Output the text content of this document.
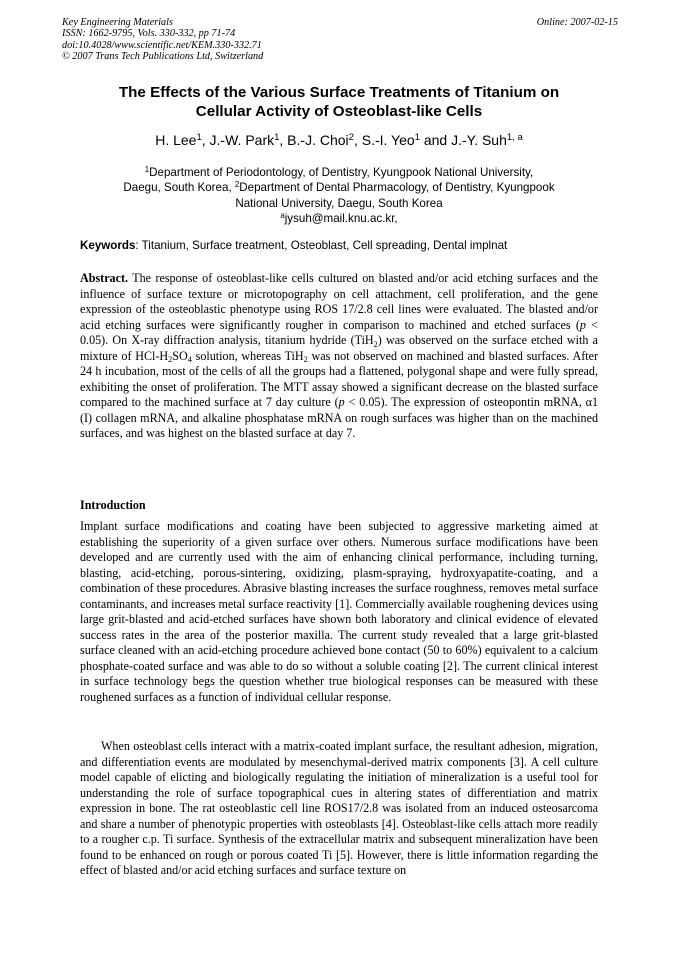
Key Engineering Materials
ISSN: 1662-9795, Vols. 330-332, pp 71-74
doi:10.4028/www.scientific.net/KEM.330-332.71
© 2007 Trans Tech Publications Ltd, Switzerland
Online: 2007-02-15
The Effects of the Various Surface Treatments of Titanium on
Cellular Activity of Osteoblast-like Cells
H. Lee$^1$, J.-W. Park$^1$, B.-J. Choi$^2$, S.-I. Yeo$^1$ and J.-Y. Suh$^{1, a}$
$^1$Department of Periodontology, of Dentistry, Kyungpook National University,
Daegu, South Korea, $^2$Department of Dental Pharmacology, of Dentistry, Kyungpook
National University, Daegu, South Korea
$^a$jysuh@mail.knu.ac.kr,
Keywords: Titanium, Surface treatment, Osteoblast, Cell spreading, Dental implnat

Abstract. The response of osteoblast-like cells cultured on blasted and/or acid etching surfaces and the influence of surface texture or microtopography on cell attachment, cell proliferation, and the gene expression of the osteoblastic phenotype using ROS 17/2.8 cell lines were evaluated. The blasted and/or acid etching surfaces were significantly rougher in comparison to machined and etched surfaces (p < 0.05). On X-ray diffraction analysis, titanium hydride (TiH$_2$) was observed on the surface etched with a mixture of HCl-$H_2SO_4$ solution, whereas TiH$_2$ was not observed on machined and blasted surfaces. After 24 h incubation, most of the cells of all the groups had a flattened, polygonal shape and were fully spread, exhibiting the onset of proliferation. The MTT assay showed a significant decrease on the blasted surface compared to the machined surface at 7 day culture (p < 0.05). The expression of osteopontin mRNA, α1 (I) collagen mRNA, and alkaline phosphatase mRNA on rough surfaces was higher than on the machined surfaces, and was highest on the blasted surface at day 7.

Introduction

Implant surface modifications and coating have been subjected to aggressive marketing aimed at establishing the superiority of a given surface over others. Numerous surface modifications have been developed and are currently used with the aim of enhancing clinical performance, including turning, blasting, acid-etching, porous-sintering, oxidizing, plasm-spraying, hydroxyapatite-coating, and a combination of these procedures. Abrasive blasting increases the surface roughness, removes metal surface contaminants, and increases metal surface reactivity [1]. Commercially available roughening devices using large grit-blasted and acid-etched surfaces have shown both laboratory and clinical evidence of elevated success rates in the area of the posterior maxilla. The current study revealed that a large grit-blasted surface cleaned with an acid-etching procedure achieved bone contact (50 to 60%) equivalent to a calcium phosphate-coated surface and was able to do so without a soluble coating [2]. The current clinical interest in surface technology begs the question whether true biological responses can be measured with these roughened surfaces as a function of individual cellular response.

When osteoblast cells interact with a matrix-coated implant surface, the resultant adhesion, migration, and differentiation events are modulated by mesenchymal-derived matrix components [3]. A cell culture model capable of elicting and biologically regulating the initiation of mineralization is a useful tool for understanding the role of surface topographical cues in altering states of differentiation and matrix expression in bone. The rat osteoblastic cell line ROS17/2.8 was isolated from an induced osteosarcoma and share a number of phenotypic properties with osteoblasts [4]. Osteoblast-like cells attach more readily to a rougher c.p. Ti surface. Synthesis of the extracellular matrix and subsequent mineralization have been found to be enhanced on rough or porous coated Ti [5]. However, there is little information regarding the effect of blasted and/or acid etching surfaces and surface texture on
